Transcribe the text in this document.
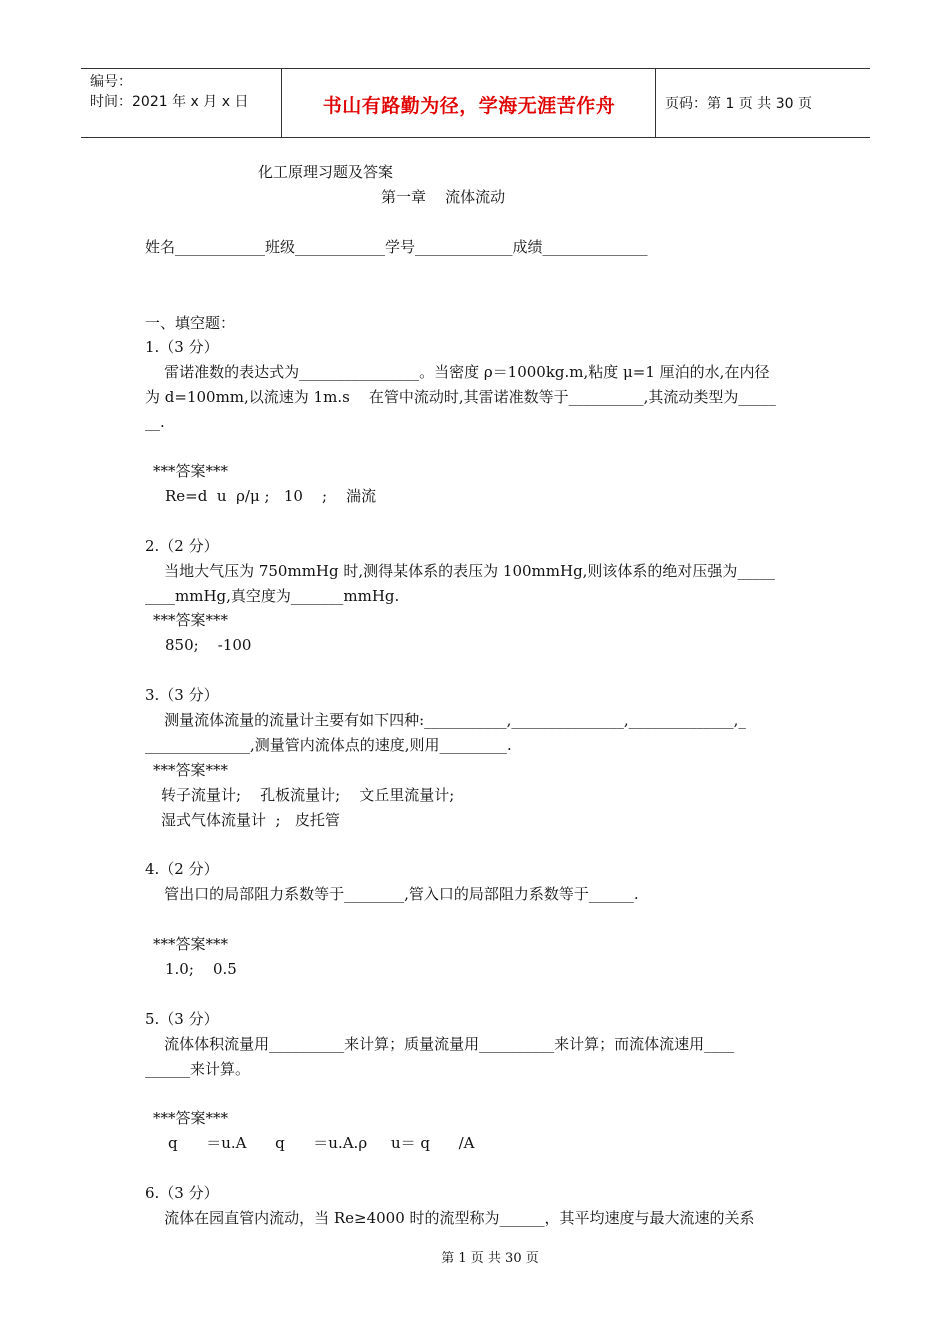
编号：
时间：2021 年 x 月 x 日	书山有路勤为径，学海无涯苦作舟	页码：第 1 页 共 30 页
化工原理习题及答案
第一章    流体流动
姓名____________班级____________学号_____________成绩______________
一、填空题：
1.（3 分）
雷诺准数的表达式为________________。当密度 ρ＝1000kg.m,粘度 μ=1 厘泊的水,在内径
为 d=100mm,以流速为 1m.s    在管中流动时,其雷诺准数等于__________,其流动类型为_____
__.
***答案***
Re=d  u  ρ/μ ;   10    ;    湍流
2.（2 分）
当地大气压为 750mmHg 时,测得某体系的表压为 100mmHg,则该体系的绝对压强为_____
____mmHg,真空度为_______mmHg.
***答案***
850;    -100
3.（3 分）
测量流体流量的流量计主要有如下四种:___________,_______________,______________,_
______________,测量管内流体点的速度,则用_________.
***答案***
转子流量计;    孔板流量计;    文丘里流量计;
湿式气体流量计  ;   皮托管
4.（2 分）
管出口的局部阻力系数等于________,管入口的局部阻力系数等于______.
***答案***
1.0;    0.5
5.（3 分）
流体体积流量用__________来计算；质量流量用__________来计算；而流体流速用____
______来计算。
***答案***
q      ＝u.A      q      ＝u.A.ρ     u＝ q      /A
6.（3 分）
流体在园直管内流动，当 Re≥4000 时的流型称为______，其平均速度与最大流速的关系
第 1 页 共 30 页
